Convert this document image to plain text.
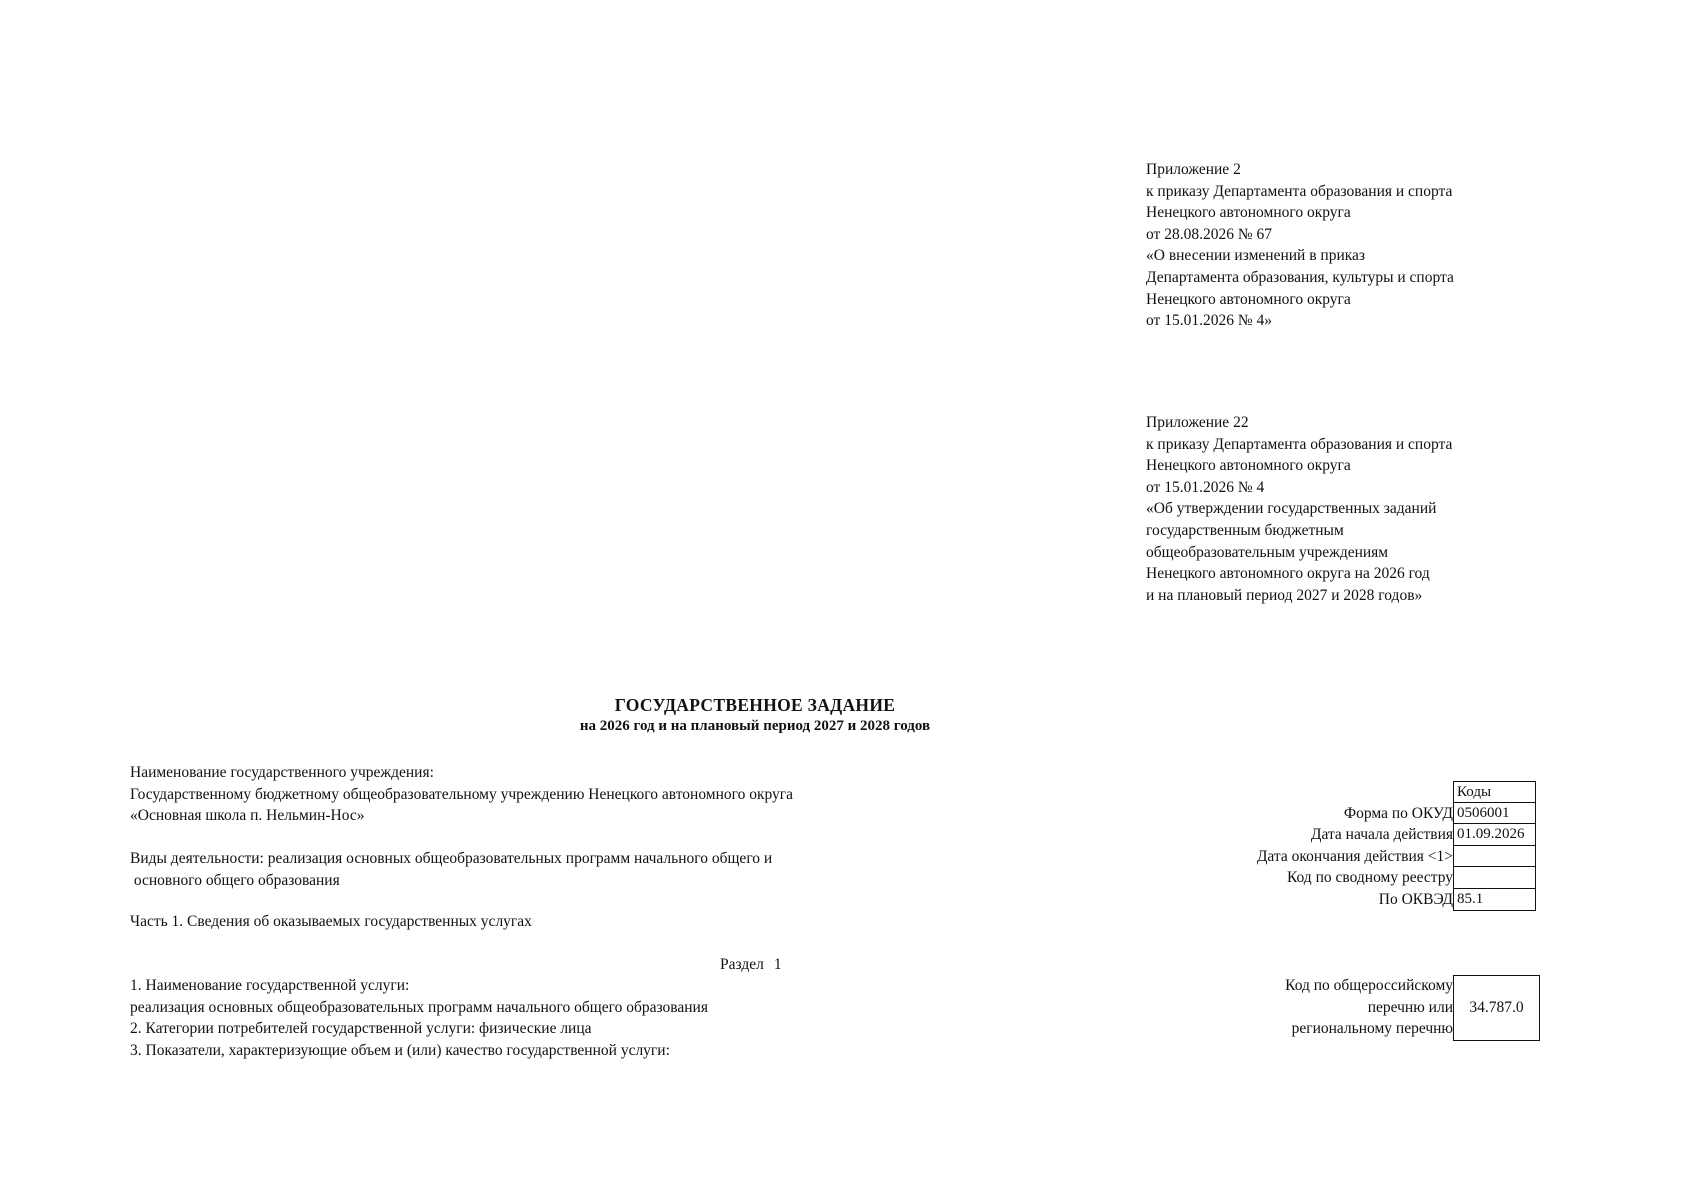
Приложение 2
к приказу Департамента образования и спорта
Ненецкого автономного округа
от 28.08.2026 № 67
«О внесении изменений в приказ
Департамента образования, культуры и спорта
Ненецкого автономного округа
от 15.01.2026 № 4»
Приложение 22
к приказу Департамента образования и спорта
Ненецкого автономного округа
от 15.01.2026 № 4
«Об утверждении государственных заданий
государственным бюджетным
общеобразовательным учреждениям
Ненецкого автономного округа на 2026 год
и на плановый период 2027 и 2028 годов»
ГОСУДАРСТВЕННОЕ ЗАДАНИЕ
на 2026 год и на плановый период 2027 и 2028 годов
Наименование государственного учреждения:
Государственному бюджетному общеобразовательному учреждению Ненецкого автономного округа
«Основная школа п. Нельмин-Нос»
Виды деятельности: реализация основных общеобразовательных программ начального общего и
основного общего образования
Часть 1. Сведения об оказываемых государственных услугах
Раздел 1
1. Наименование государственной услуги:
реализация основных общеобразовательных программ начального общего образования
2. Категории потребителей государственной услуги: физические лица
3. Показатели, характеризующие объем и (или) качество государственной услуги:
Коды
Форма по ОКУД 0506001
Дата начала действия 01.09.2026
Дата окончания действия <1>
Код по сводному реестру
По ОКВЭД 85.1
Код по общероссийскому
перечню или
региональному перечню
34.787.0
